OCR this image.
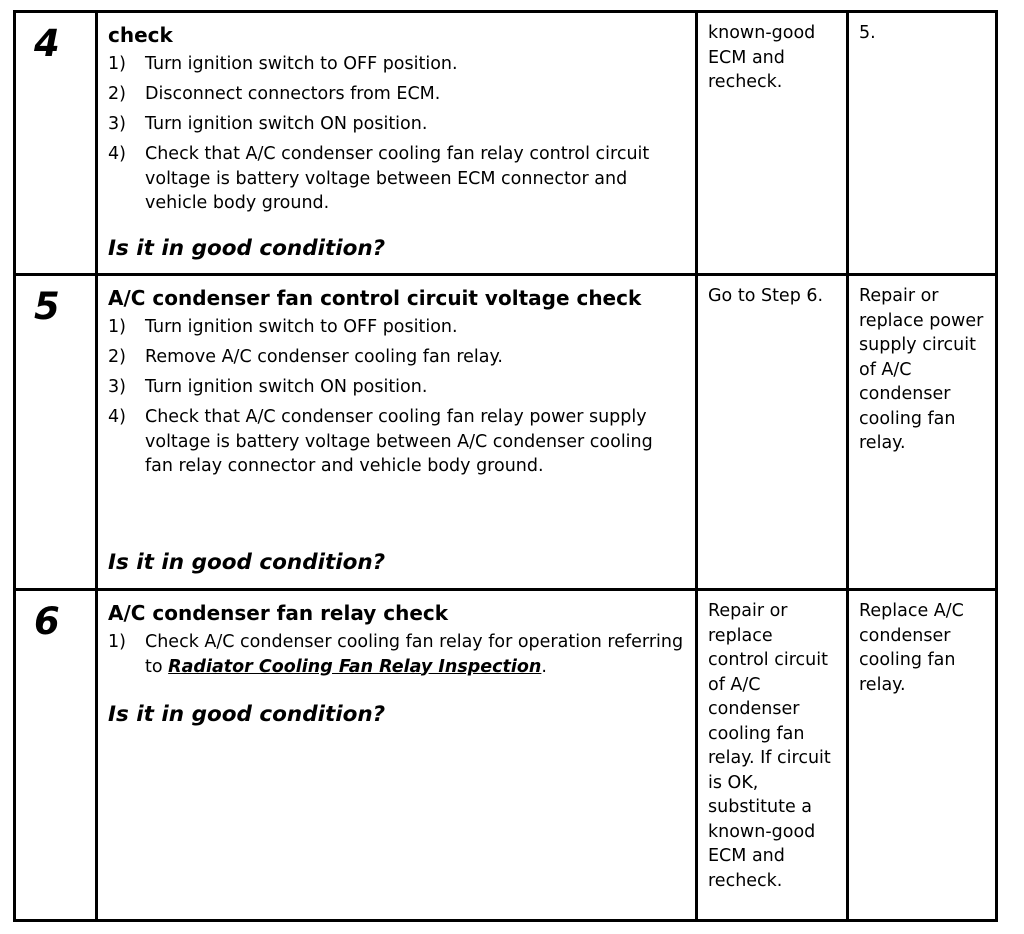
4 check
1) Turn ignition switch to OFF position.
2) Disconnect connectors from ECM.
3) Turn ignition switch ON position.
4) Check that A/C condenser cooling fan relay control circuit voltage is battery voltage between ECM connector and vehicle body ground.
Is it in good condition?
known-good ECM and recheck.
5.
5 A/C condenser fan control circuit voltage check
1) Turn ignition switch to OFF position.
2) Remove A/C condenser cooling fan relay.
3) Turn ignition switch ON position.
4) Check that A/C condenser cooling fan relay power supply voltage is battery voltage between A/C condenser cooling fan relay connector and vehicle body ground.
Is it in good condition?
Go to Step 6.	Repair or replace power supply circuit of A/C condenser cooling fan relay.
6 A/C condenser fan relay check
1) Check A/C condenser cooling fan relay for operation referring to Radiator Cooling Fan Relay Inspection.
Is it in good condition?
Repair or replace control circuit of A/C condenser cooling fan relay. If circuit is OK, substitute a known-good ECM and recheck.
Replace A/C condenser cooling fan relay.
